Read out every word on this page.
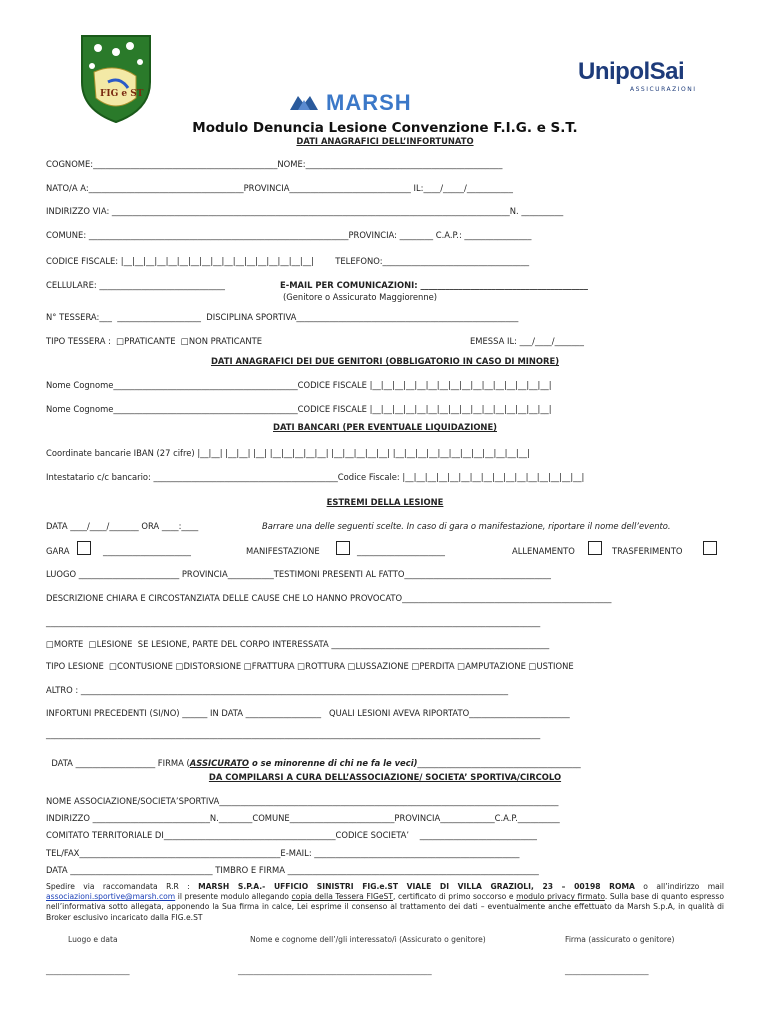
FIG e ST	MARSH
UnipolSai
ASSICURAZIONI
Modulo Denuncia Lesione Convenzione F.I.G. e S.T.
DATI ANAGRAFICI DELL’INFORTUNATO
COGNOME:____________________________________________NOME:_______________________________________________
NATO/A A:_____________________________________PROVINCIA_____________________________ IL:____/_____/___________
INDIRIZZO VIA: _______________________________________________________________________________________________N. __________
COMUNE: ______________________________________________________________PROVINCIA: ________ C.A.P.: ________________
CODICE FISCALE: |__|__|__|__|__|__|__|__|__|__|__|__|__|__|__|__|__|        TELEFONO:___________________________________
CELLULARE: ______________________________	E-MAIL PER COMUNICAZIONI: ________________________________________
(Genitore o Assicurato Maggiorenne)
N° TESSERA:___  ____________________  DISCIPLINA SPORTIVA_____________________________________________________
TIPO TESSERA :  □PRATICANTE  □NON PRATICANTE	EMESSA IL: ___/____/_______
DATI ANAGRAFICI DEI DUE GENITORI (OBBLIGATORIO IN CASO DI MINORE)
Nome Cognome____________________________________________CODICE FISCALE |__|__|__|__|__|__|__|__|__|__|__|__|__|__|__|__|
Nome Cognome____________________________________________CODICE FISCALE |__|__|__|__|__|__|__|__|__|__|__|__|__|__|__|__|
DATI BANCARI (PER EVENTUALE LIQUIDAZIONE)
Coordinate bancarie IBAN (27 cifre) |__|__| |__|__| |__| |__|__|__|__|__| |__|__|__|__|__| |__|__|__|__|__|__|__|__|__|__|__|__|
Intestatario c/c bancario: ____________________________________________Codice Fiscale: |__|__|__|__|__|__|__|__|__|__|__|__|__|__|__|__|
ESTREMI DELLA LESIONE
DATA ____/____/_______ ORA ____:____	Barrare una delle seguenti scelte. In caso di gara o manifestazione, riportare il nome dell’evento.
GARA	_____________________	MANIFESTAZIONE	_____________________	ALLENAMENTO	TRASFERIMENTO
LUOGO ________________________ PROVINCIA___________TESTIMONI PRESENTI AL FATTO___________________________________
DESCRIZIONE CHIARA E CIRCOSTANZIATA DELLE CAUSE CHE LO HANNO PROVOCATO__________________________________________________
______________________________________________________________________________________________________________________
□MORTE  □LESIONE  SE LESIONE, PARTE DEL CORPO INTERESSATA ____________________________________________________
TIPO LESIONE  □CONTUSIONE □DISTORSIONE □FRATTURA □ROTTURA □LUSSAZIONE □PERDITA □AMPUTAZIONE □USTIONE
ALTRO : ______________________________________________________________________________________________________
INFORTUNI PRECEDENTI (SI/NO) ______ IN DATA __________________   QUALI LESIONI AVEVA RIPORTATO________________________
______________________________________________________________________________________________________________________

DATA ___________________ FIRMA (ASSICURATO o se minorenne di chi ne fa le veci)_______________________________________

DA COMPILARSI A CURA DELL’ASSOCIAZIONE/ SOCIETA’ SPORTIVA/CIRCOLO
NOME ASSOCIAZIONE/SOCIETA’SPORTIVA_________________________________________________________________________________
INDIRIZZO ____________________________N.________COMUNE_________________________PROVINCIA_____________C.A.P.__________
COMITATO TERRITORIALE DI_________________________________________CODICE SOCIETA’    ____________________________
TEL/FAX________________________________________________E-MAIL: _________________________________________________
DATA __________________________________ TIMBRO E FIRMA ____________________________________________________________
Spedire via raccomandata R.R : MARSH S.P.A.- UFFICIO SINISTRI FIG.e.ST VIALE DI VILLA GRAZIOLI, 23 – 00198 ROMA o all’indirizzo mail associazioni.sportive@marsh.com il presente modulo allegando copia della Tessera FIGeST, certificato di primo soccorso e modulo privacy firmato. Sulla base di quanto espresso nell’informativa sotto allegata, apponendo la Sua firma in calce, Lei esprime il consenso al trattamento dei dati – eventualmente anche effettuato da Marsh S.p.A, in qualità di Broker esclusivo incaricato dalla FIG.e.ST
Luogo e data	Nome e cognome dell’/gli interessato/i (Assicurato o genitore)	Firma (assicurato o genitore)
______________________	___________________________________________________	______________________
